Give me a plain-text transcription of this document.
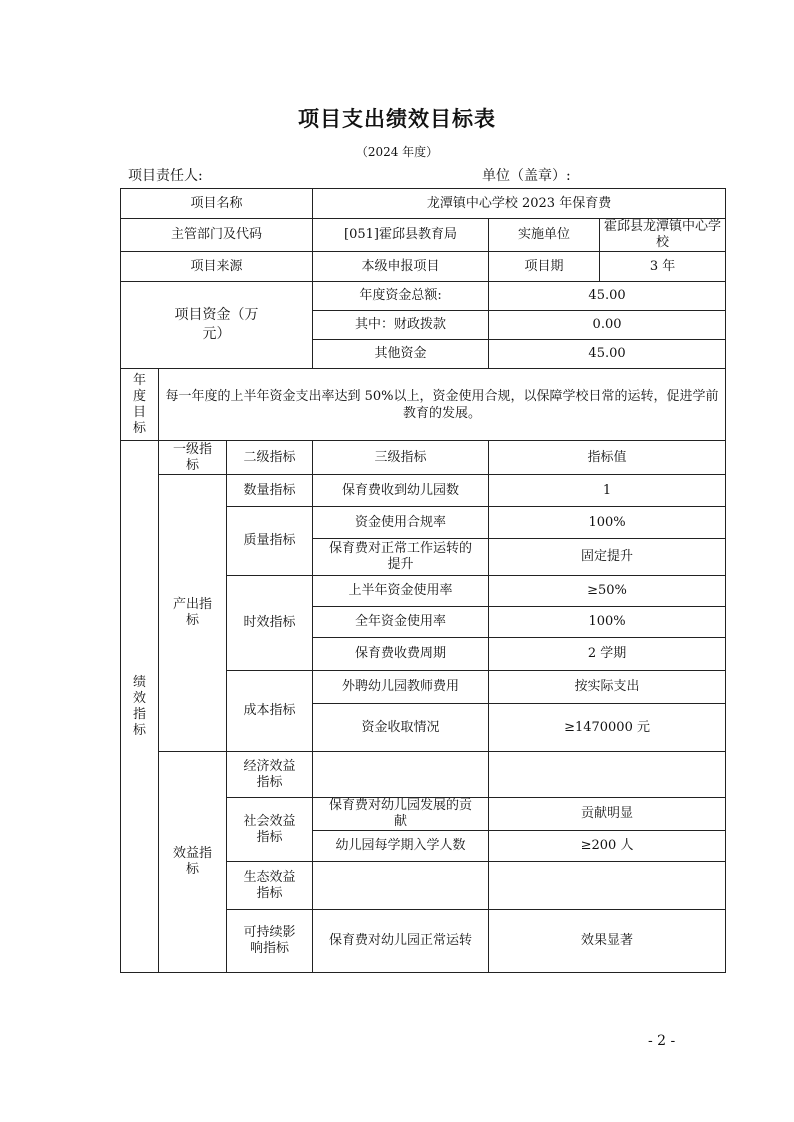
项目支出绩效目标表
（2024 年度）
项目责任人:	单位（盖章）:
项目名称			龙潭镇中心学校 2023 年保育费		
主管部门及代码			[051]霍邱县教育局	实施单位	霍邱县龙潭镇中心学校
项目来源			本级申报项目	项目期	3 年
项目资金（万元）			年度资金总额:	45.00	
			其中：财政拨款	0.00	
			其他资金	45.00	
年
度
目
标	每一年度的上半年资金支出率达到 50%以上，资金使用合规，以保障学校日常的运转，促进学前教育的发展。				
绩
效
指
标	一级指标	二级指标	三级指标	指标值	
	产出指标	数量指标	保育费收到幼儿园数	1	
		质量指标	资金使用合规率	100%	
			保育费对正常工作运转的提升	固定提升	
		时效指标	上半年资金使用率	≥50%	
			全年资金使用率	100%	
			保育费收费周期	2 学期	
		成本指标	外聘幼儿园教师费用	按实际支出	
			资金收取情况	≥1470000 元	
	效益指标	经济效益指标			
		社会效益指标	保育费对幼儿园发展的贡献	贡献明显	
			幼儿园每学期入学人数	≥200 人	
		生态效益指标			
		可持续影响指标	保育费对幼儿园正常运转	效果显著	
- 2 -
